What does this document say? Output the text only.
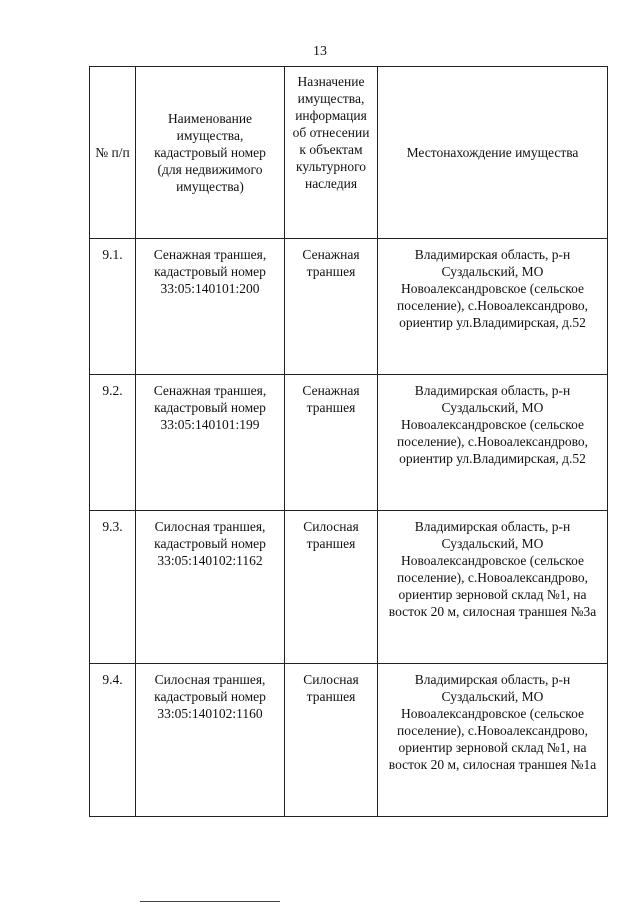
13
№ п/п	Наименование имущества, кадастровый номер (для недвижимого имущества)	Назначение имущества, информация об отнесении к объектам культурного наследия	Местонахождение имущества

9.1.	Сенажная траншея, кадастровый номер 33:05:140101:200	Сенажная траншея	Владимирская область, р-н Суздальский, МО Новоалександровское (сельское поселение), с.Новоалександрово, ориентир ул.Владимирская, д.52

9.2.	Сенажная траншея, кадастровый номер 33:05:140101:199	Сенажная траншея	Владимирская область, р-н Суздальский, МО Новоалександровское (сельское поселение), с.Новоалександрово, ориентир ул.Владимирская, д.52

9.3.	Силосная траншея, кадастровый номер 33:05:140102:1162	Силосная траншея	Владимирская область, р-н Суздальский, МО Новоалександровское (сельское поселение), с.Новоалександрово, ориентир зерновой склад №1, на восток 20 м, силосная траншея №3а

9.4.	Силосная траншея, кадастровый номер 33:05:140102:1160	Силосная траншея	Владимирская область, р-н Суздальский, МО Новоалександровское (сельское поселение), с.Новоалександрово, ориентир зерновой склад №1, на восток 20 м, силосная траншея №1а
